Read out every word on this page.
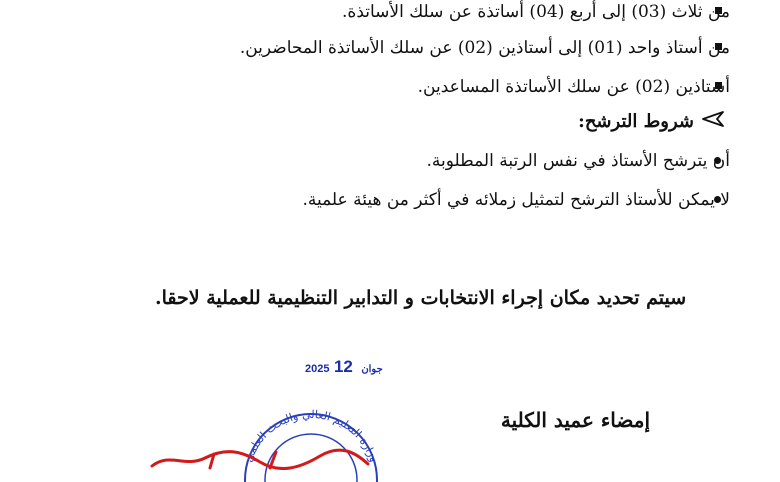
من ثلاث (03) إلى أربع (04) أساتذة عن سلك الأساتذة.
من أستاذ واحد (01) إلى أستاذين (02) عن سلك الأساتذة المحاضرين.
أستاذين (02) عن سلك الأساتذة المساعدين.
شروط الترشح:
أن يترشح الأستاذ في نفس الرتبة المطلوبة.
لا يمكن للأستاذ الترشح لتمثيل زملائه في أكثر من هيئة علمية.
سيتم تحديد مكان إجراء الانتخابات و التدابير التنظيمية للعملية لاحقا.
2025	جوان 12
وزارة التعليم العالي والبحث العلمي
إمضاء عميد الكلية
